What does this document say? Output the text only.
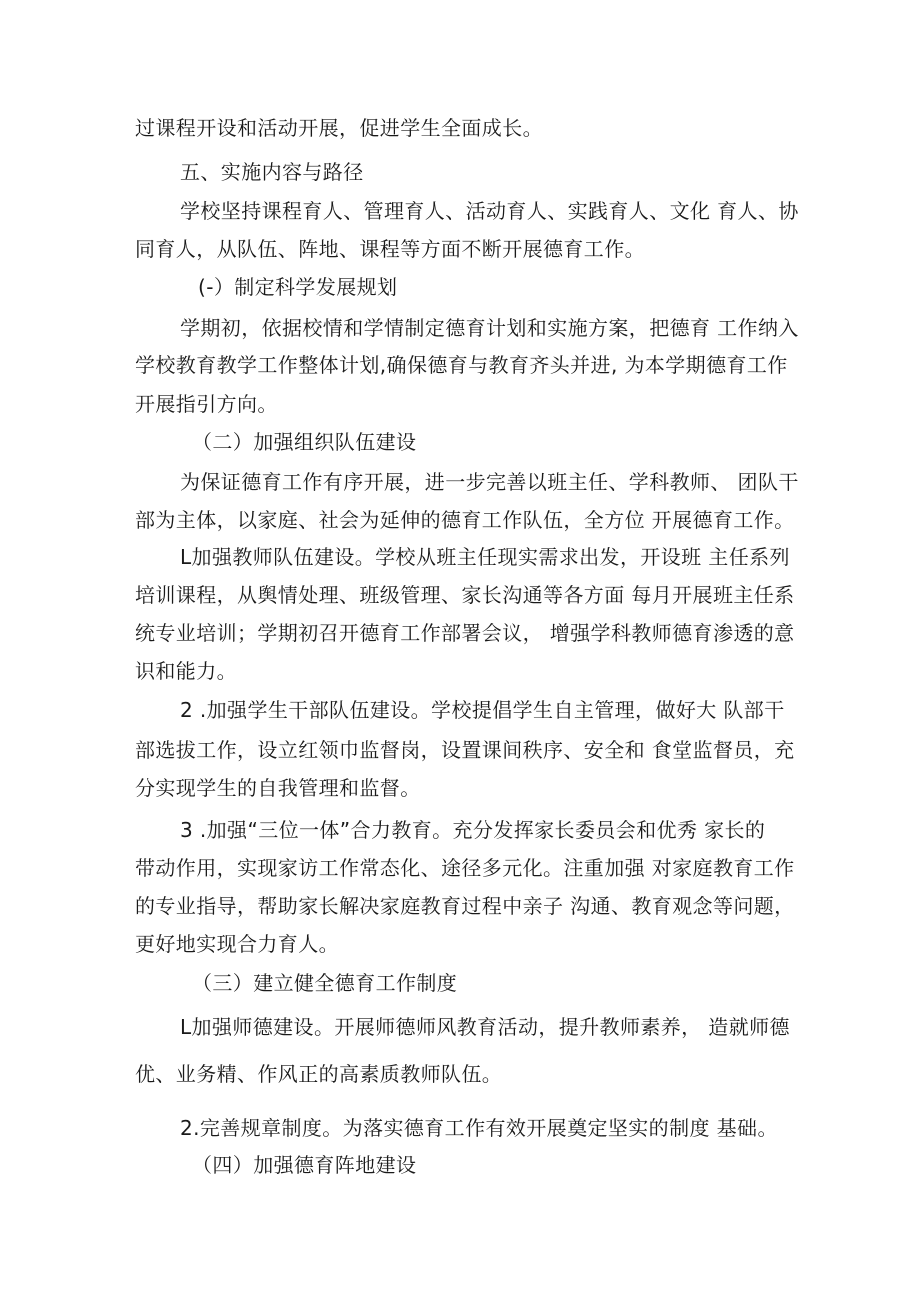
过课程开设和活动开展，促进学生全面成长。
五、实施内容与路径
学校坚持课程育人、管理育人、活动育人、实践育人、文化 育人、协
同育人，从队伍、阵地、课程等方面不断开展德育工作。
(-）制定科学发展规划
学期初，依据校情和学情制定德育计划和实施方案，把德育 工作纳入
学校教育教学工作整体计划,确保德育与教育齐头并进, 为本学期德育工作
开展指引方向。
（二）加强组织队伍建设
为保证德育工作有序开展，进一步完善以班主任、学科教师、 团队干
部为主体，以家庭、社会为延伸的德育工作队伍，全方位 开展德育工作。
L加强教师队伍建设。学校从班主任现实需求出发，开设班 主任系列
培训课程，从舆情处理、班级管理、家长沟通等各方面 每月开展班主任系
统专业培训；学期初召开德育工作部署会议， 增强学科教师德育渗透的意
识和能力。
2 .加强学生干部队伍建设。学校提倡学生自主管理，做好大 队部干
部选拔工作，设立红领巾监督岗，设置课间秩序、安全和 食堂监督员，充
分实现学生的自我管理和监督。
3 .加强“三位一体”合力教育。充分发挥家长委员会和优秀 家长的
带动作用，实现家访工作常态化、途径多元化。注重加强 对家庭教育工作
的专业指导，帮助家长解决家庭教育过程中亲子 沟通、教育观念等问题，
更好地实现合力育人。
（三）建立健全德育工作制度
L加强师德建设。开展师德师风教育活动，提升教师素养， 造就师德
优、业务精、作风正的高素质教师队伍。
2.完善规章制度。为落实德育工作有效开展奠定坚实的制度 基础。
（四）加强德育阵地建设
